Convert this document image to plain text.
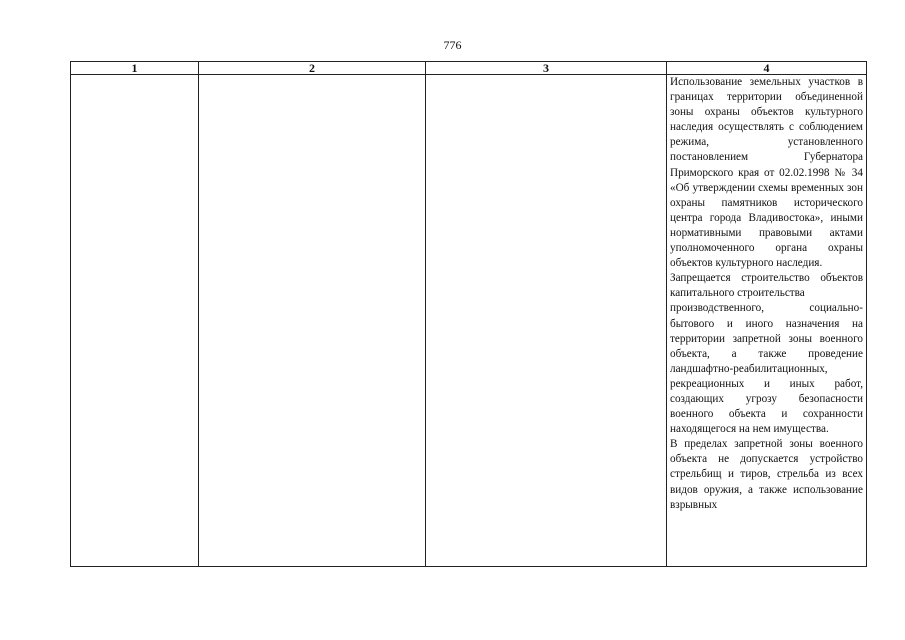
776
1	2	3	4

			Использование земельных участков в границах территории объединенной зоны охраны объектов культурного наследия осуществлять с соблюдением режима, установленного постановлением Губернатора Приморского края от 02.02.1998 № 34 «Об утверждении схемы временных зон охраны памятников исторического центра города Владивостока», иными нормативными правовыми актами уполномоченного органа охраны объектов культурного наследия.
Запрещается строительство объектов капитального строительства
производственного, социально-бытового и иного назначения на территории запретной зоны военного объекта, а также проведение ландшафтно-реабилитационных,
рекреационных и иных работ, создающих угрозу безопасности военного объекта и сохранности находящегося на нем имущества.
В пределах запретной зоны военного объекта не допускается устройство стрельбищ и тиров, стрельба из всех видов оружия, а также использование взрывных
